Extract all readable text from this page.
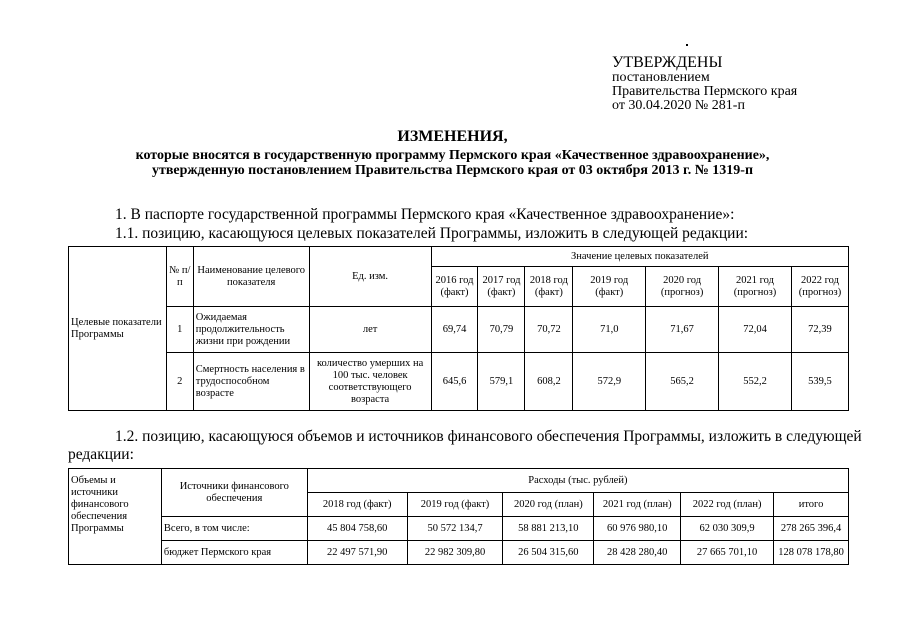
УТВЕРЖДЕНЫ
постановлением
Правительства Пермского края
от 30.04.2020 № 281-п
ИЗМЕНЕНИЯ,
которые вносятся в государственную программу Пермского края «Качественное здравоохранение»,
утвержденную постановлением Правительства Пермского края от 03 октября 2013 г. № 1319-п
1. В паспорте государственной программы Пермского края «Качественное здравоохранение»:
1.1. позицию, касающуюся целевых показателей Программы, изложить в следующей редакции:
Целевые показатели Программы	№ п/п	Наименование целевого показателя	Ед. изм.	Значение целевых показателей						
				2016 год (факт)	2017 год (факт)	2018 год (факт)	2019 год (факт)	2020 год (прогноз)	2021 год (прогноз)	2022 год (прогноз)
	1	Ожидаемая продолжительность жизни при рождении	лет	69,74	70,79	70,72	71,0	71,67	72,04	72,39
	2	Смертность населения в трудоспособном возрасте	количество умерших на 100 тыс. человек соответствующего возраста	645,6	579,1	608,2	572,9	565,2	552,2	539,5
1.2. позицию, касающуюся объемов и источников финансового обеспечения Программы, изложить в следующей
редакции:
Объемы и источники финансового обеспечения Программы	Источники финансового обеспечения	Расходы (тыс. рублей)					
		2018 год (факт)	2019 год (факт)	2020 год (план)	2021 год (план)	2022 год (план)	итого
	Всего, в том числе:	45 804 758,60	50 572 134,7	58 881 213,10	60 976 980,10	62 030 309,9	278 265 396,4
	бюджет Пермского края	22 497 571,90	22 982 309,80	26 504 315,60	28 428 280,40	27 665 701,10	128 078 178,80
